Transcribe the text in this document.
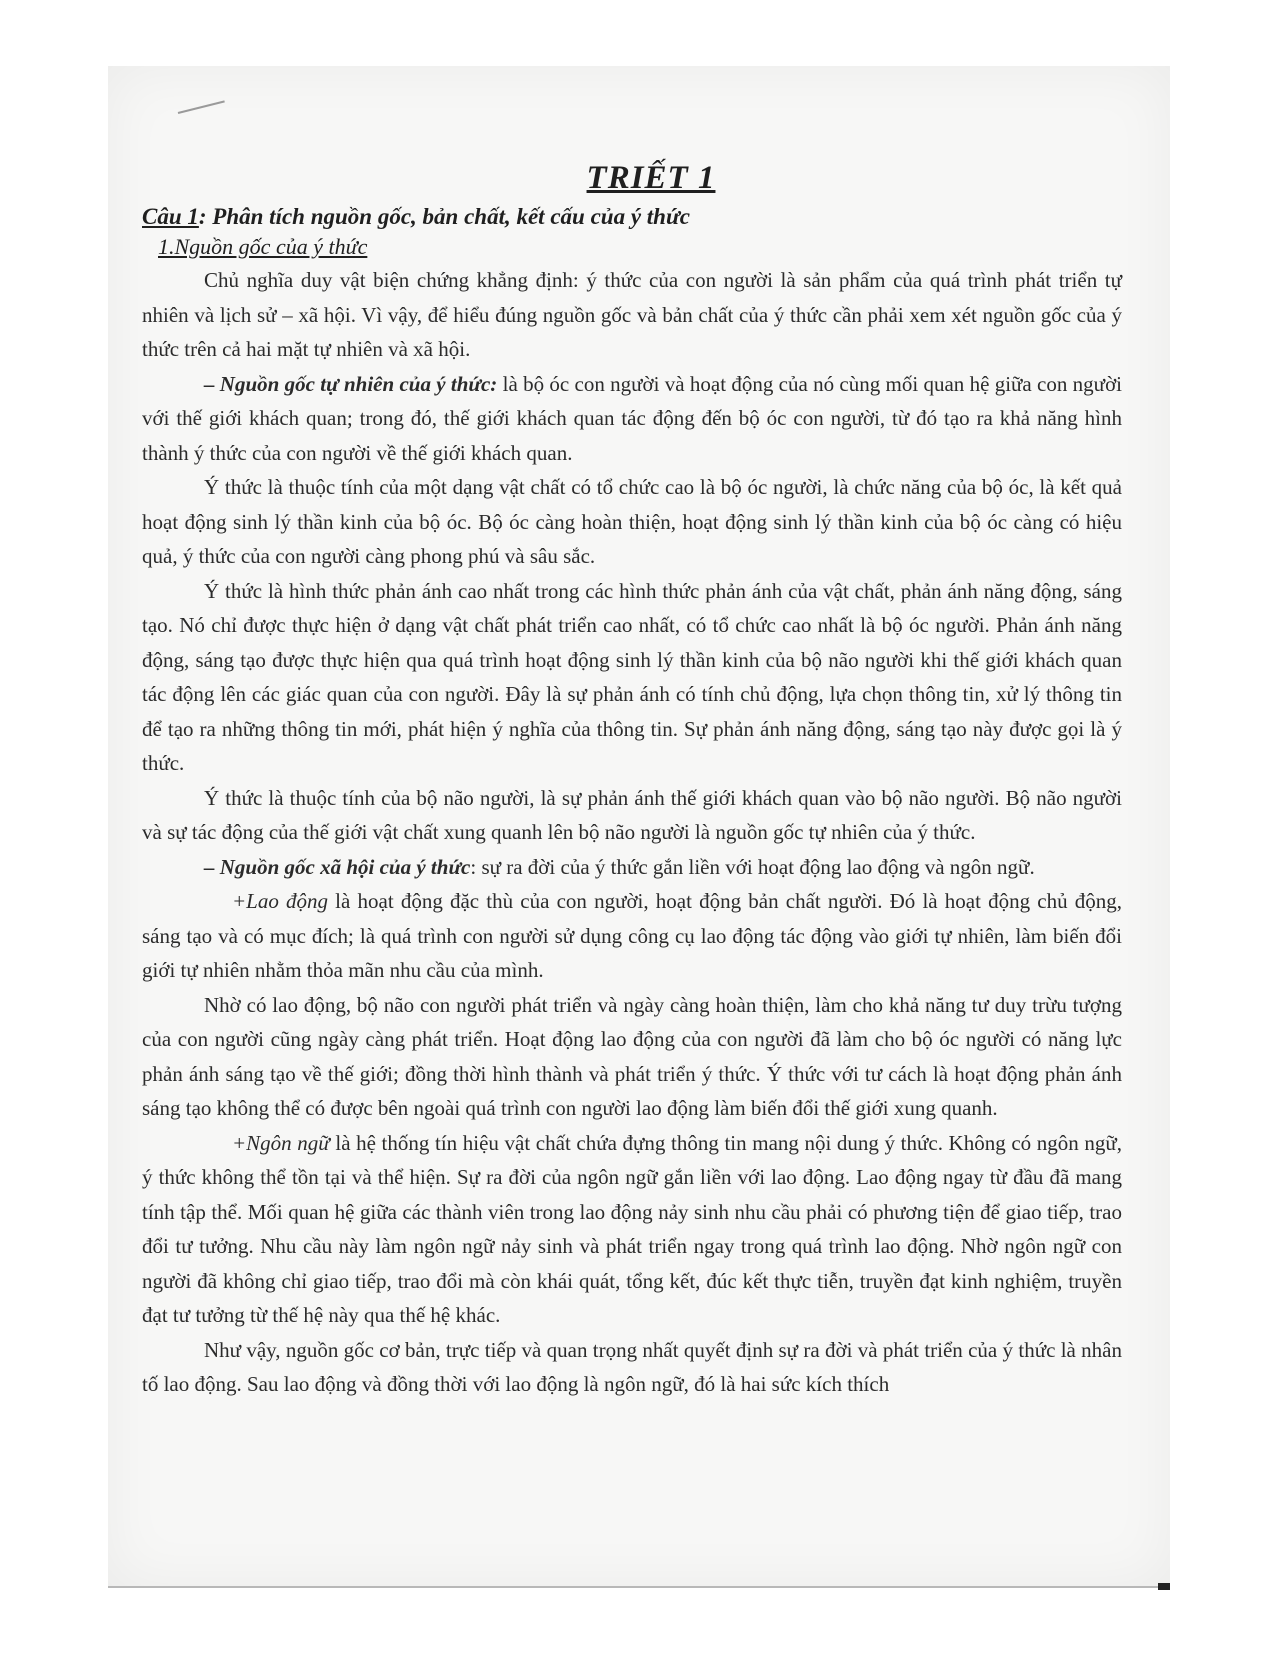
TRIẾT 1
Câu 1: Phân tích nguồn gốc, bản chất, kết cấu của ý thức
1.Nguồn gốc của ý thức

Chủ nghĩa duy vật biện chứng khẳng định: ý thức của con người là sản phẩm của quá trình phát triển tự nhiên và lịch sử – xã hội. Vì vậy, để hiểu đúng nguồn gốc và bản chất của ý thức cần phải xem xét nguồn gốc của ý thức trên cả hai mặt tự nhiên và xã hội.

– Nguồn gốc tự nhiên của ý thức: là bộ óc con người và hoạt động của nó cùng mối quan hệ giữa con người với thế giới khách quan; trong đó, thế giới khách quan tác động đến bộ óc con người, từ đó tạo ra khả năng hình thành ý thức của con người về thế giới khách quan.

Ý thức là thuộc tính của một dạng vật chất có tổ chức cao là bộ óc người, là chức năng của bộ óc, là kết quả hoạt động sinh lý thần kinh của bộ óc. Bộ óc càng hoàn thiện, hoạt động sinh lý thần kinh của bộ óc càng có hiệu quả, ý thức của con người càng phong phú và sâu sắc.

Ý thức là hình thức phản ánh cao nhất trong các hình thức phản ánh của vật chất, phản ánh năng động, sáng tạo. Nó chỉ được thực hiện ở dạng vật chất phát triển cao nhất, có tổ chức cao nhất là bộ óc người. Phản ánh năng động, sáng tạo được thực hiện qua quá trình hoạt động sinh lý thần kinh của bộ não người khi thế giới khách quan tác động lên các giác quan của con người. Đây là sự phản ánh có tính chủ động, lựa chọn thông tin, xử lý thông tin để tạo ra những thông tin mới, phát hiện ý nghĩa của thông tin. Sự phản ánh năng động, sáng tạo này được gọi là ý thức.

Ý thức là thuộc tính của bộ não người, là sự phản ánh thế giới khách quan vào bộ não người. Bộ não người và sự tác động của thế giới vật chất xung quanh lên bộ não người là nguồn gốc tự nhiên của ý thức.

– Nguồn gốc xã hội của ý thức: sự ra đời của ý thức gắn liền với hoạt động lao động và ngôn ngữ.

+Lao động là hoạt động đặc thù của con người, hoạt động bản chất người. Đó là hoạt động chủ động, sáng tạo và có mục đích; là quá trình con người sử dụng công cụ lao động tác động vào giới tự nhiên, làm biến đổi giới tự nhiên nhằm thỏa mãn nhu cầu của mình.

Nhờ có lao động, bộ não con người phát triển và ngày càng hoàn thiện, làm cho khả năng tư duy trừu tượng của con người cũng ngày càng phát triển. Hoạt động lao động của con người đã làm cho bộ óc người có năng lực phản ánh sáng tạo về thế giới; đồng thời hình thành và phát triển ý thức. Ý thức với tư cách là hoạt động phản ánh sáng tạo không thể có được bên ngoài quá trình con người lao động làm biến đổi thế giới xung quanh.

+Ngôn ngữ là hệ thống tín hiệu vật chất chứa đựng thông tin mang nội dung ý thức. Không có ngôn ngữ, ý thức không thể tồn tại và thể hiện. Sự ra đời của ngôn ngữ gắn liền với lao động. Lao động ngay từ đầu đã mang tính tập thể. Mối quan hệ giữa các thành viên trong lao động nảy sinh nhu cầu phải có phương tiện để giao tiếp, trao đổi tư tưởng. Nhu cầu này làm ngôn ngữ nảy sinh và phát triển ngay trong quá trình lao động. Nhờ ngôn ngữ con người đã không chỉ giao tiếp, trao đổi mà còn khái quát, tổng kết, đúc kết thực tiễn, truyền đạt kinh nghiệm, truyền đạt tư tưởng từ thế hệ này qua thế hệ khác.

Như vậy, nguồn gốc cơ bản, trực tiếp và quan trọng nhất quyết định sự ra đời và phát triển của ý thức là nhân tố lao động. Sau lao động và đồng thời với lao động là ngôn ngữ, đó là hai sức kích thích
